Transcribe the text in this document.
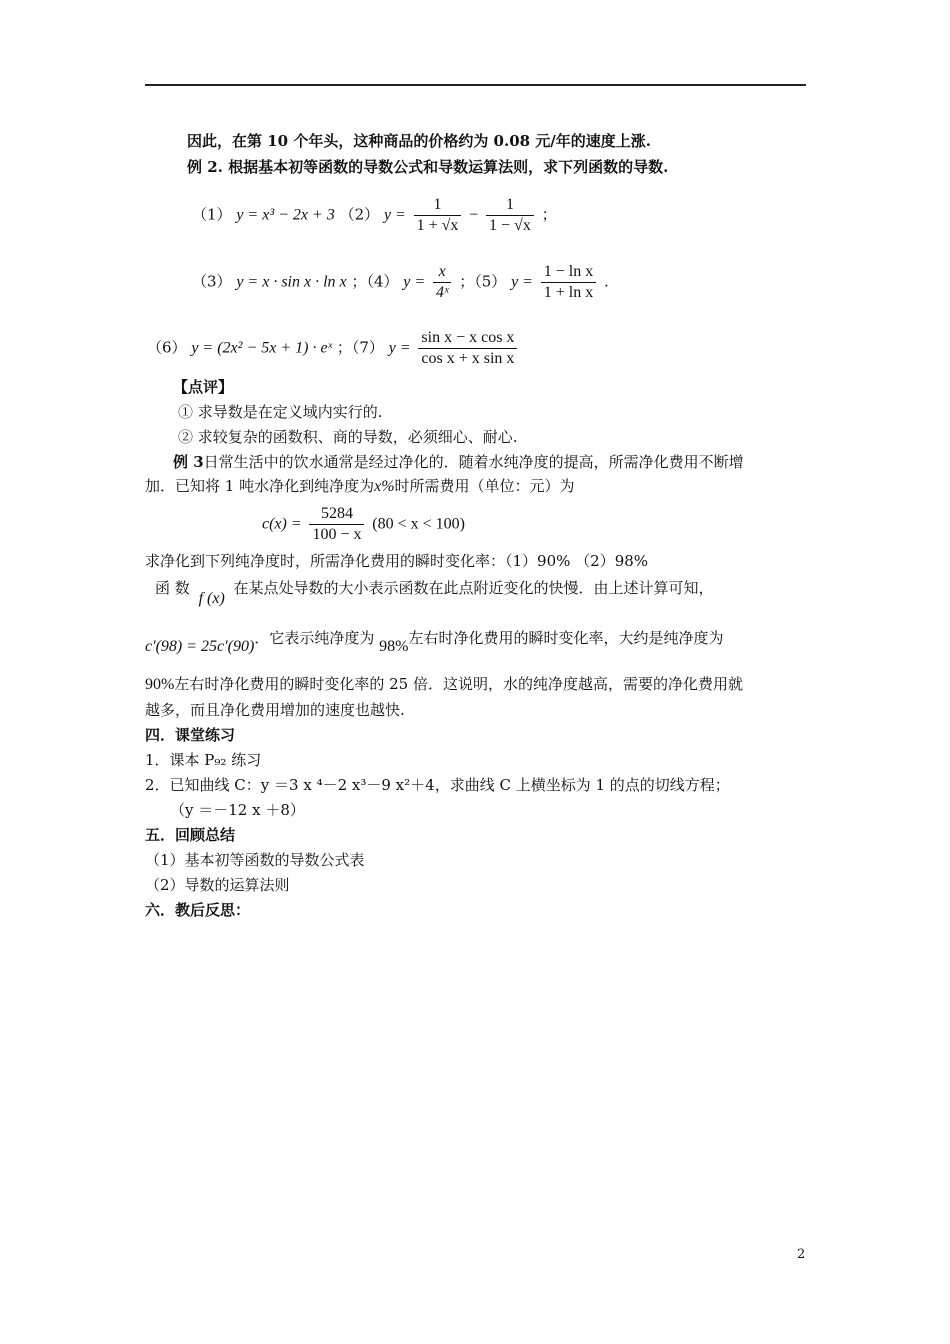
因此，在第 10 个年头，这种商品的价格约为 0.08 元/年的速度上涨.
例 2. 根据基本初等函数的导数公式和导数运算法则，求下列函数的导数.
（1） y = x³ − 2x + 3 （2） $y = \frac{1}{1 + √x} - \frac{1}{1 - √x}$ ；
（3） y = x · sin x · ln x ；（4） $y = \frac{x}{\text{4ˣ}}$ ；（5） $y = \frac{\text{1 − ln x}}{\text{1 + ln x}}$ .
（6） y = (2x² − 5x + 1) · eˣ ；（7） $y = \frac{\text{sin x − x cos x}}{\text{cos x + x sin x}}$
【点评】
① 求导数是在定义域内实行的.
② 求较复杂的函数积、商的导数，必须细心、耐心.
例 3日常生活中的饮水通常是经过净化的．随着水纯净度的提高，所需净化费用不断增
加．已知将 1 吨水净化到纯净度为x%时所需费用（单位：元）为
$c(x) = \frac{5284}{100 - x} (80 < x < 100)$
求净化到下列纯净度时，所需净化费用的瞬时变化率：（1）90% （2）98%
函 数 f (x) 在某点处导数的大小表示函数在此点附近变化的快慢．由上述计算可知，
c′(98) = 25c′(90)．它表示纯净度为 98%左右时净化费用的瞬时变化率，大约是纯净度为
90%左右时净化费用的瞬时变化率的 25 倍．这说明，水的纯净度越高，需要的净化费用就
越多，而且净化费用增加的速度也越快.
四．课堂练习
1．课本 P₉₂ 练习
2．已知曲线 C：y ＝3 x ⁴－2 x³－9 x²＋4，求曲线 C 上横坐标为 1 的点的切线方程；
（y ＝－12 x ＋8）
五．回顾总结
（1）基本初等函数的导数公式表
（2）导数的运算法则
六．教后反思：
2
